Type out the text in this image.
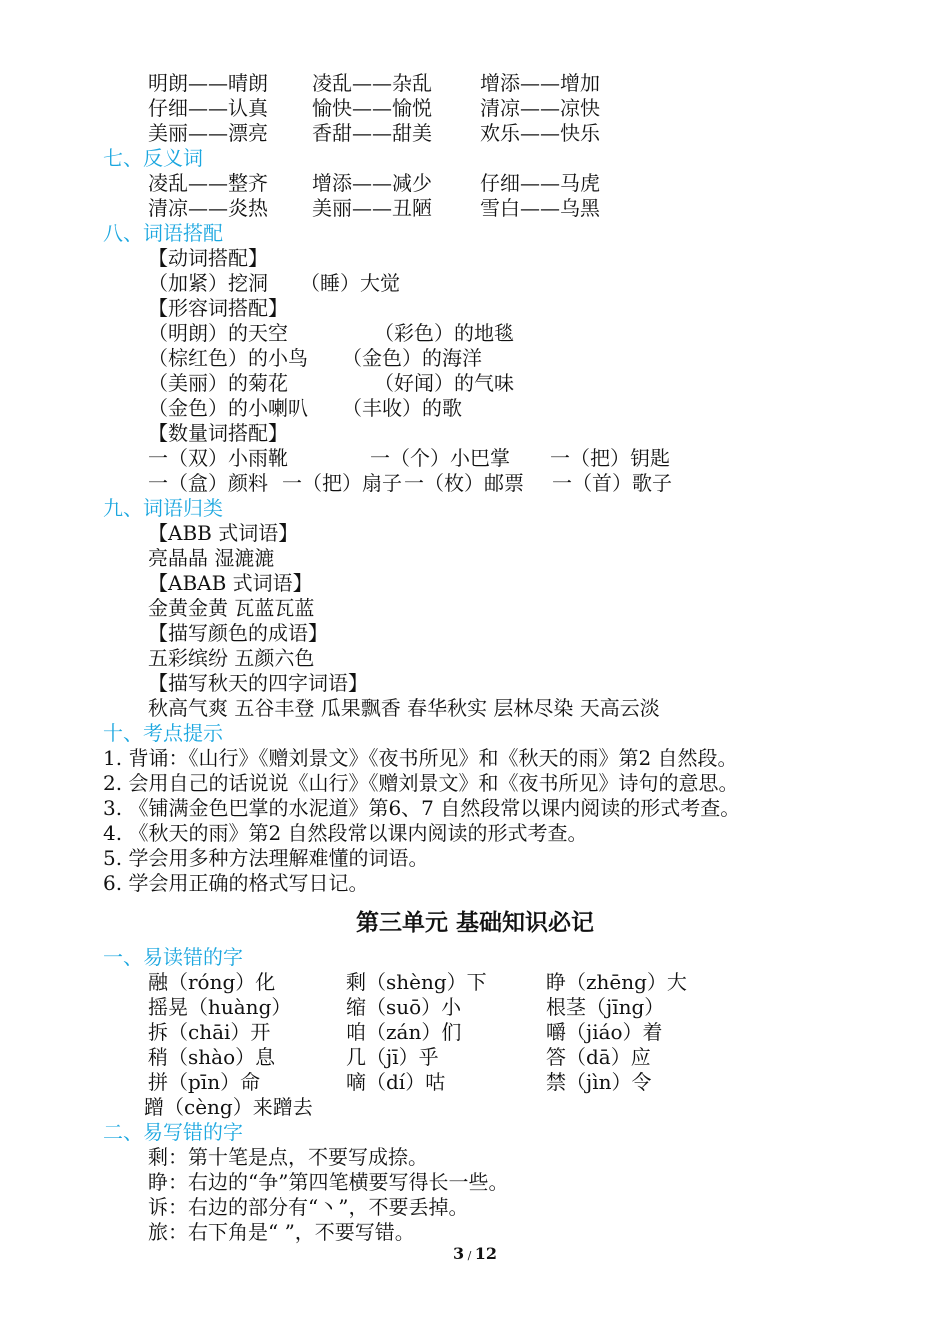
明朗——晴朗 凌乱——杂乱 增添——增加
仔细——认真 愉快——愉悦 清凉——凉快
美丽——漂亮 香甜——甜美 欢乐——快乐
七、反义词
凌乱——整齐 增添——减少 仔细——马虎
清凉——炎热 美丽——丑陋 雪白——乌黑
八、词语搭配
【动词搭配】
（加紧）挖洞 （睡）大觉
【形容词搭配】
（明朗）的天空	（彩色）的地毯
（棕红色）的小鸟 （金色）的海洋
（美丽）的菊花	（好闻）的气味
（金色）的小喇叭 （丰收）的歌
【数量词搭配】
一（双）小雨靴	一（个）小巴掌 一（把）钥匙
一（盒）颜料 一（把）扇子 一（枚）邮票 一（首）歌子
九、词语归类
【ABB 式词语】
亮晶晶 湿漉漉
【ABAB 式词语】
金黄金黄 瓦蓝瓦蓝
【描写颜色的成语】
五彩缤纷 五颜六色
【描写秋天的四字词语】
秋高气爽 五谷丰登 瓜果飘香 春华秋实 层林尽染 天高云淡
十、考点提示
1. 背诵：《山行》《赠刘景文》《夜书所见》和《秋天的雨》第2 自然段。
2. 会用自己的话说说《山行》《赠刘景文》和《夜书所见》诗句的意思。
3. 《铺满金色巴掌的水泥道》第6、7 自然段常以课内阅读的形式考查。
4. 《秋天的雨》第2 自然段常以课内阅读的形式考查。
5. 学会用多种方法理解难懂的词语。
6. 学会用正确的格式写日记。
第三单元 基础知识必记
一、易读错的字
融（róng）化	剩（shèng）下	睁（zhēng）大
摇晃（huàng）	缩（suō）小	根茎（jīng）
拆（chāi）开	咱（zán）们	嚼（jiáo）着
稍（shào）息	几（jī）乎	答（dā）应
拼（pīn）命	嘀（dí）咕	禁（jìn）令
蹭（cèng）来蹭去
二、易写错的字
剩：第十笔是点，不要写成捺。
睁：右边的“争”第四笔横要写得长一些。
诉：右边的部分有“丶”，不要丢掉。
旅：右下角是“ ”，不要写错。
3 / 12
